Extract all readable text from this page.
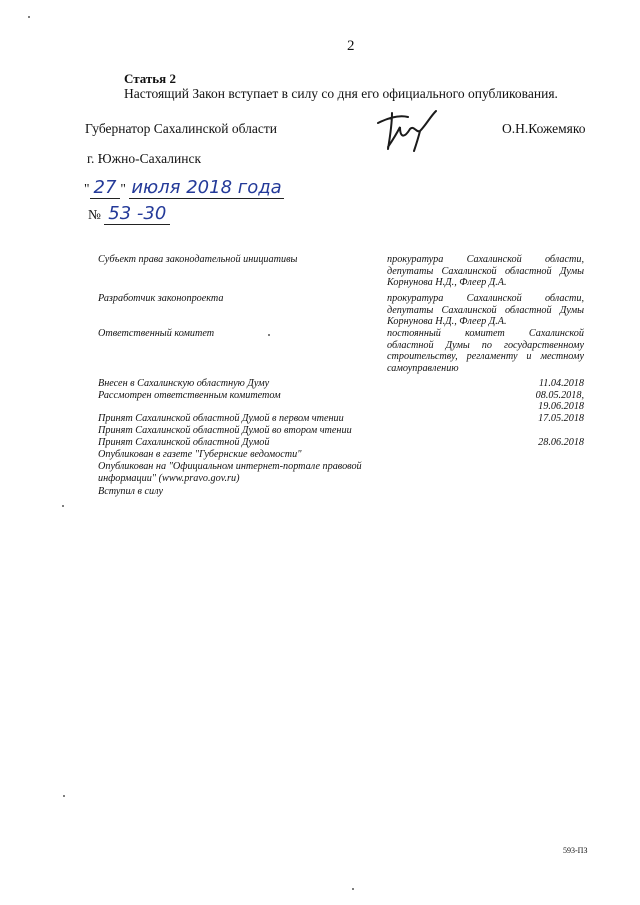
2
Статья 2
Настоящий Закон вступает в силу со дня его официального опубликования.
Губернатор Сахалинской области	О.Н.Кожемяко
г. Южно-Сахалинск
" 27 " июля 2018 года
№ 53 -30
Субъект права законодательной инициативы	прокуратура Сахалинской области, депутаты Сахалинской областной Думы Корнунова Н.Д., Флеер Д.А.
Разработчик законопроекта	прокуратура Сахалинской области, депутаты Сахалинской областной Думы Корнунова Н.Д., Флеер Д.А.
Ответственный комитет	постоянный комитет Сахалинской областной Думы по государственному строительству, регламенту и местному самоуправлению
Внесен в Сахалинскую областную Думу	11.04.2018
Рассмотрен ответственным комитетом	08.05.2018,
19.06.2018
Принят Сахалинской областной Думой в первом чтении	17.05.2018
Принят Сахалинской областной Думой во втором чтении
Принят Сахалинской областной Думой	28.06.2018
Опубликован в газете "Губернские ведомости"
Опубликован на "Официальном интернет-портале правовой
информации" (www.pravo.gov.ru)
Вступил в силу
593-ПЗ
